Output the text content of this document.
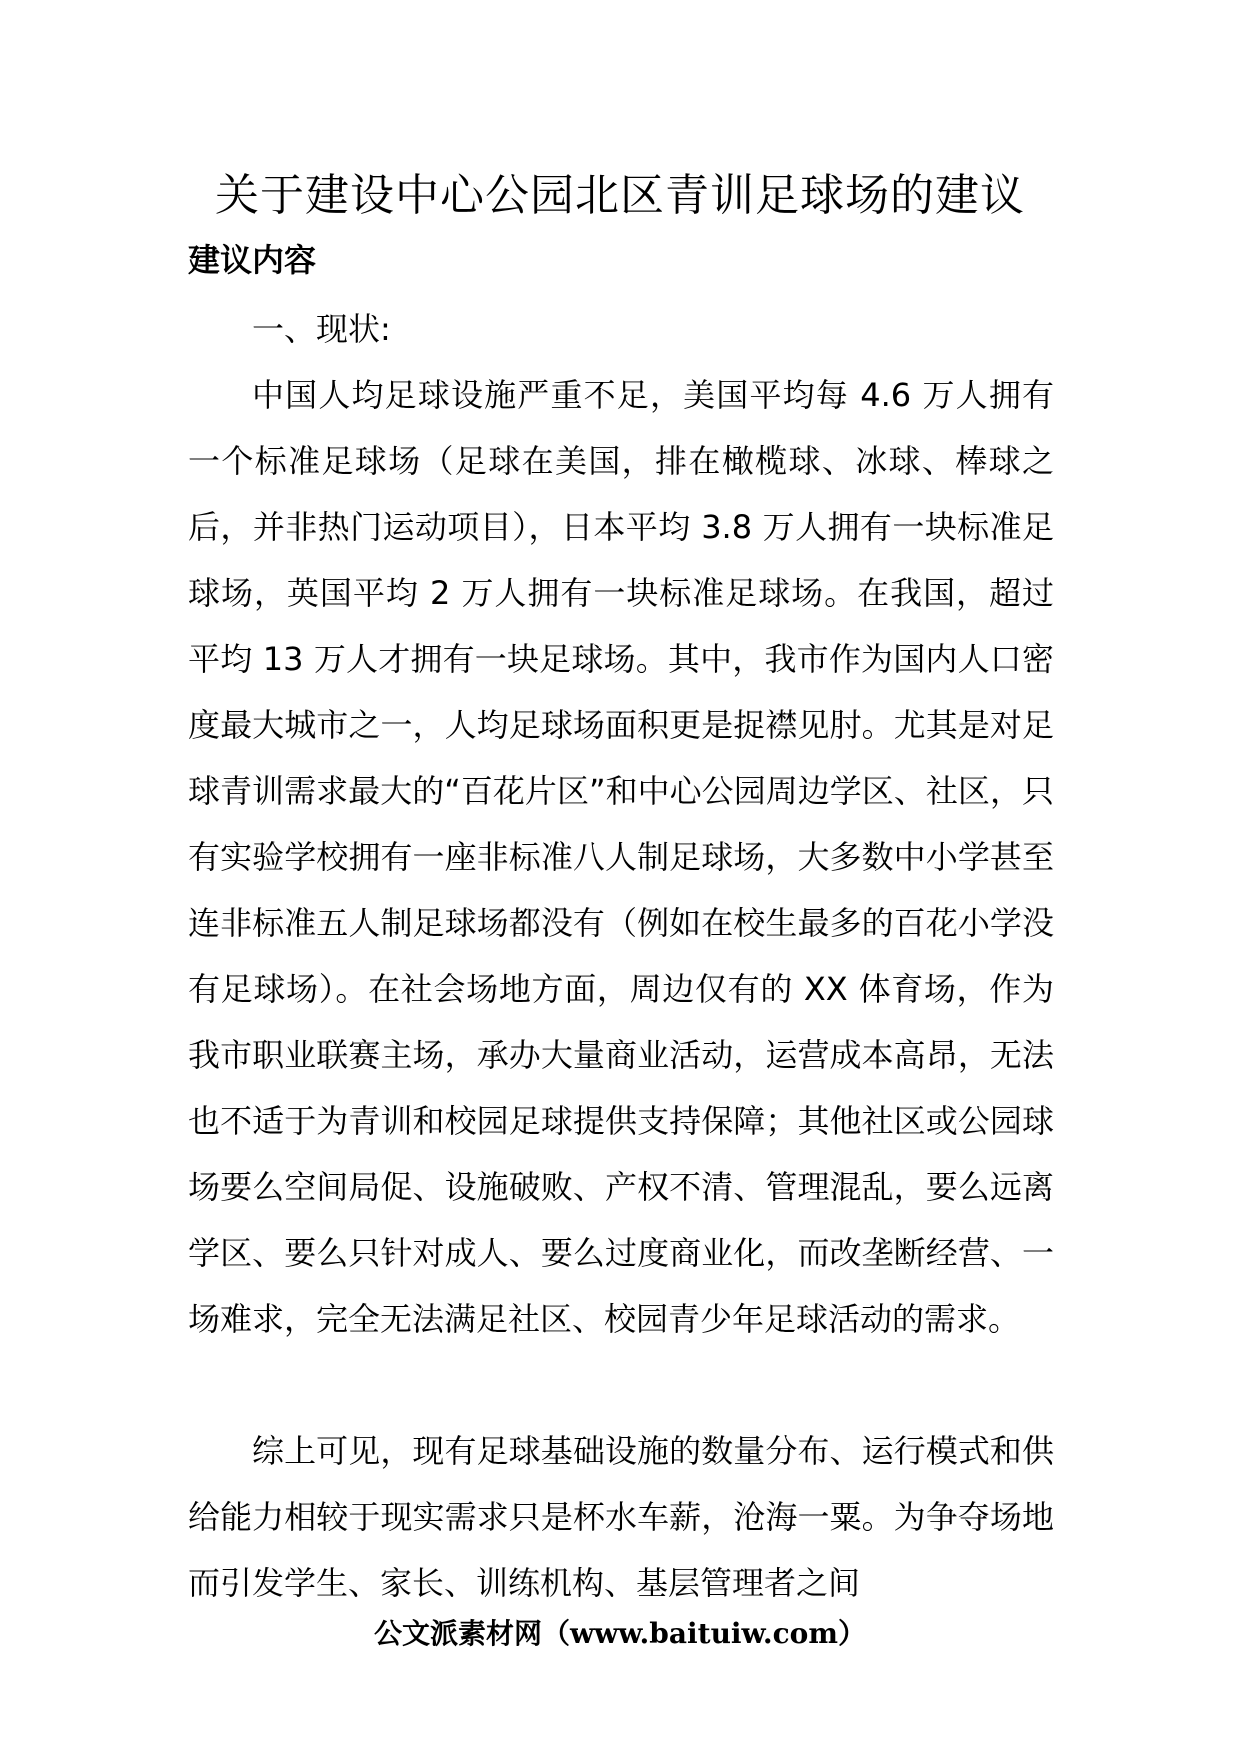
关于建设中心公园北区青训足球场的建议

建议内容

一、现状:

中国人均足球设施严重不足，美国平均每 4.6 万人拥有一个标准足球场（足球在美国，排在橄榄球、冰球、棒球之后，并非热门运动项目），日本平均 3.8 万人拥有一块标准足球场，英国平均 2 万人拥有一块标准足球场。在我国，超过平均 13 万人才拥有一块足球场。其中，我市作为国内人口密度最大城市之一，人均足球场面积更是捉襟见肘。尤其是对足球青训需求最大的“百花片区”和中心公园周边学区、社区，只有实验学校拥有一座非标准八人制足球场，大多数中小学甚至连非标准五人制足球场都没有（例如在校生最多的百花小学没有足球场）。在社会场地方面，周边仅有的 XX 体育场，作为我市职业联赛主场，承办大量商业活动，运营成本高昂，无法也不适于为青训和校园足球提供支持保障；其他社区或公园球场要么空间局促、设施破败、产权不清、管理混乱，要么远离学区、要么只针对成人、要么过度商业化，而改垄断经营、一场难求，完全无法满足社区、校园青少年足球活动的需求。

综上可见，现有足球基础设施的数量分布、运行模式和供给能力相较于现实需求只是杯水车薪，沧海一粟。为争夺场地而引发学生、家长、训练机构、基层管理者之间

公文派素材网（www.baituiw.com）
